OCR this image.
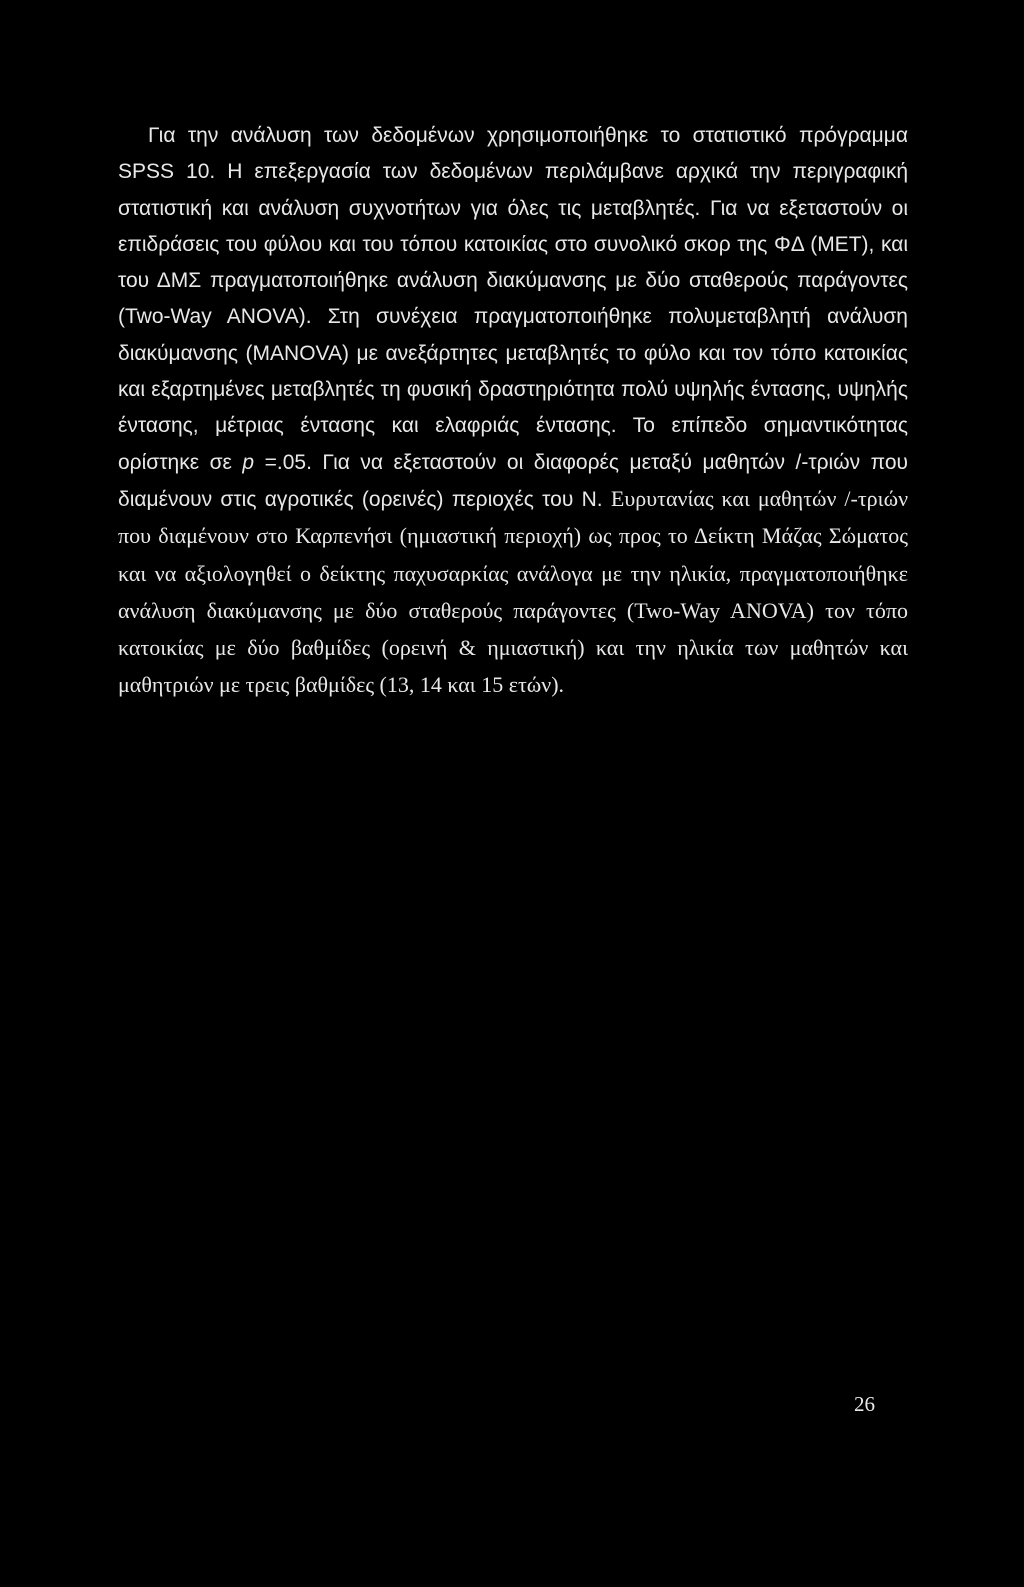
Για την ανάλυση των δεδομένων χρησιμοποιήθηκε το στατιστικό πρόγραμμα SPSS 10. Η επεξεργασία των δεδομένων περιλάμβανε αρχικά την περιγραφική στατιστική και ανάλυση συχνοτήτων για όλες τις μεταβλητές. Για να εξεταστούν οι επιδράσεις του φύλου και του τόπου κατοικίας στο συνολικό σκορ της ΦΔ (ΜΕΤ), και του ΔΜΣ πραγματοποιήθηκε ανάλυση διακύμανσης με δύο σταθερούς παράγοντες (Two-Way ANOVA). Στη συνέχεια πραγματοποιήθηκε πολυμεταβλητή ανάλυση διακύμανσης (MANOVA) με ανεξάρτητες μεταβλητές το φύλο και τον τόπο κατοικίας και εξαρτημένες μεταβλητές τη φυσική δραστηριότητα πολύ υψηλής έντασης, υψηλής έντασης, μέτριας έντασης και ελαφριάς έντασης. Το επίπεδο σημαντικότητας ορίστηκε σε p =.05. Για να εξεταστούν οι διαφορές μεταξύ μαθητών /-τριών που διαμένουν στις αγροτικές (ορεινές) περιοχές του Ν. Ευρυτανίας και μαθητών /-τριών που διαμένουν στο Καρπενήσι (ημιαστική περιοχή) ως προς το Δείκτη Μάζας Σώματος και να αξιολογηθεί ο δείκτης παχυσαρκίας ανάλογα με την ηλικία, πραγματοποιήθηκε ανάλυση διακύμανσης με δύο σταθερούς παράγοντες (Two-Way ANOVA) τον τόπο κατοικίας με δύο βαθμίδες (ορεινή & ημιαστική) και την ηλικία των μαθητών και μαθητριών με τρεις βαθμίδες (13, 14 και 15 ετών).

26
